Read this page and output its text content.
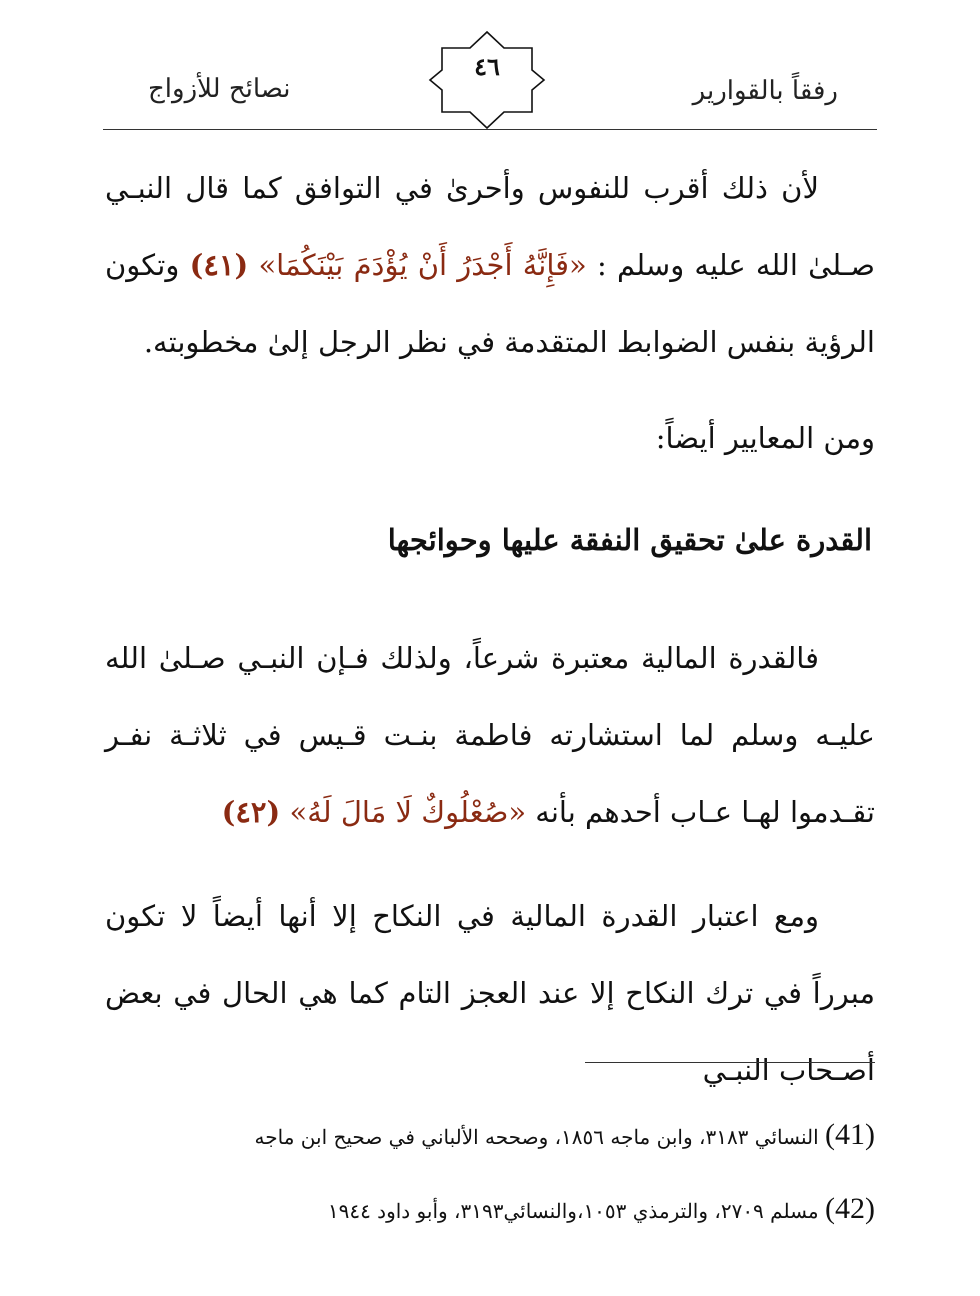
نصائح للأزواج
٤٦
رفقاً بالقوارير

لأن ذلك أقرب للنفوس وأحرىٰ في التوافق كما قال النبـي صـلىٰ الله عليه وسلم : «فَإِنَّهُ أَجْدَرُ أَنْ يُؤْدَمَ بَيْنَكُمَا» (٤١) وتكون الرؤية بنفس الضوابط المتقدمة في نظر الرجل إلىٰ مخطوبته.

ومن المعايير أيضاً:

القدرة علىٰ تحقيق النفقة عليها وحوائجها

فالقدرة المالية معتبرة شرعاً، ولذلك فـإن النبـي صـلىٰ الله عليـه وسلم لما استشارته فاطمة بنـت قـيس في ثلاثـة نفـر تقـدموا لهـا عـاب أحدهم بأنه «صُعْلُوكٌ لَا مَالَ لَهُ» (٤٢)

ومع اعتبار القدرة المالية في النكاح إلا أنها أيضاً لا تكون مبرراً في ترك النكاح إلا عند العجز التام كما هي الحال في بعض أصـحاب النبـي

(41) النسائي ٣١٨٣، وابن ماجه ١٨٥٦، وصححه الألباني في صحيح ابن ماجه
(42) مسلم ٢٧٠٩، والترمذي ١٠٥٣،والنسائي٣١٩٣، وأبو داود ١٩٤٤
